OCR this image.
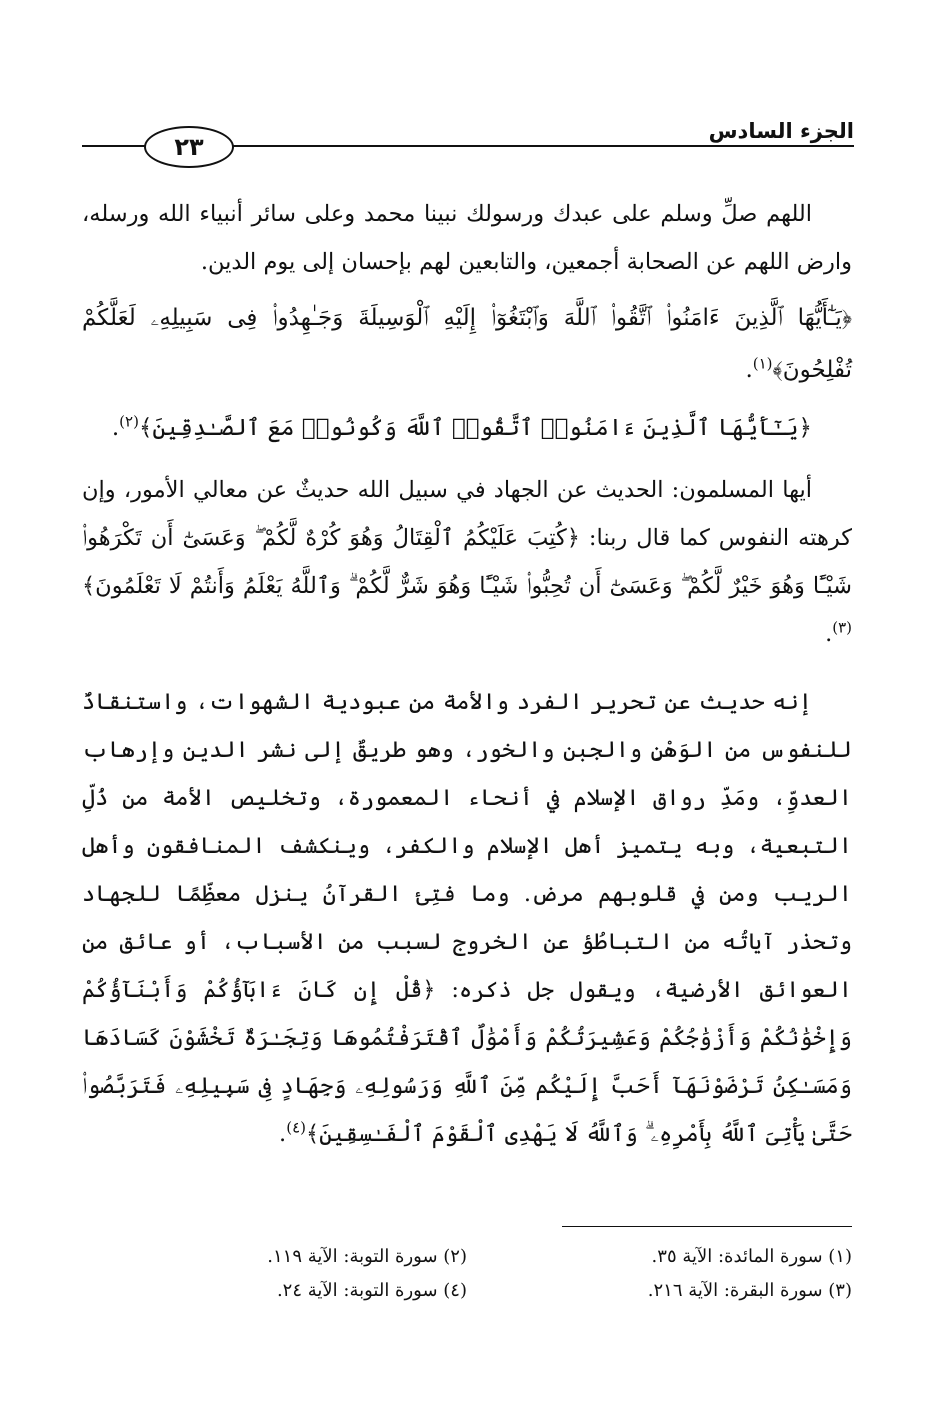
الجزء السادس
٢٣

اللهم صلِّ وسلم على عبدك ورسولك نبينا محمد وعلى سائر أنبياء الله ورسله، وارض اللهم عن الصحابة أجمعين، والتابعين لهم بإحسان إلى يوم الدين.

﴿يَـٰٓأَيُّهَا ٱلَّذِينَ ءَامَنُوا۟ ٱتَّقُوا۟ ٱللَّهَ وَٱبْتَغُوٓا۟ إِلَيْهِ ٱلْوَسِيلَةَ وَجَـٰهِدُوا۟ فِى سَبِيلِهِۦ لَعَلَّكُمْ تُفْلِحُونَ﴾$^{(١)}$.
﴿يَـٰٓأَيُّهَا ٱلَّذِينَ ءَامَنُوا۟ ٱتَّقُوا۟ ٱللَّهَ وَكُونُوا۟ مَعَ ٱلصَّـٰدِقِينَ﴾$^{(٢)}$.

أيها المسلمون: الحديث عن الجهاد في سبيل الله حديثٌ عن معالي الأمور، وإن كرهته النفوس كما قال ربنا: ﴿كُتِبَ عَلَيْكُمُ ٱلْقِتَالُ وَهُوَ كُرْهٌ لَّكُمْ ۖ وَعَسَىٰٓ أَن تَكْرَهُوا۟ شَيْـًٔا وَهُوَ خَيْرٌ لَّكُمْ ۖ وَعَسَىٰٓ أَن تُحِبُّوا۟ شَيْـًٔا وَهُوَ شَرٌّ لَّكُمْ ۗ وَٱللَّهُ يَعْلَمُ وَأَنتُمْ لَا تَعْلَمُونَ﴾$^{(٣)}$.

إنه حديث عن تحرير الفرد والأمة من عبودية الشهوات، واستنقاذٌ للنفوس من الوَهْنِ والجبن والخور، وهو طريقٌ إلى نشر الدين وإرهاب العدوِّ، ومَدِّ رواق الإسلام في أنحاء المعمورة، وتخليص الأمة من ذُلِّ التبعية، وبه يتميز أهل الإسلام والكفر، وينكشف المنافقون وأهل الريب ومن في قلوبهم مرض. وما فتِئ القرآنُ ينزل معظِّمًا للجهاد وتحذر آياتُه من التباطُؤ عن الخروج لسبب من الأسباب، أو عائق من العوائق الأرضية، ويقول جل ذكره: ﴿قُلْ إِن كَانَ ءَابَآؤُكُمْ وَأَبْنَآؤُكُمْ وَإِخْوَٰنُكُمْ وَأَزْوَٰجُكُمْ وَعَشِيرَتُكُمْ وَأَمْوَٰلٌ ٱقْتَرَفْتُمُوهَا وَتِجَـٰرَةٌ تَخْشَوْنَ كَسَادَهَا وَمَسَـٰكِنُ تَرْضَوْنَهَآ أَحَبَّ إِلَيْكُم مِّنَ ٱللَّهِ وَرَسُولِهِۦ وَجِهَادٍ فِى سَبِيلِهِۦ فَتَرَبَّصُوا۟ حَتَّىٰ يَأْتِىَ ٱللَّهُ بِأَمْرِهِۦ ۗ وَٱللَّهُ لَا يَهْدِى ٱلْقَوْمَ ٱلْفَـٰسِقِينَ﴾$^{(٤)}$.

(١) سورة المائدة: الآية ٣٥.
(٢) سورة التوبة: الآية ١١٩.
(٣) سورة البقرة: الآية ٢١٦.
(٤) سورة التوبة: الآية ٢٤.
